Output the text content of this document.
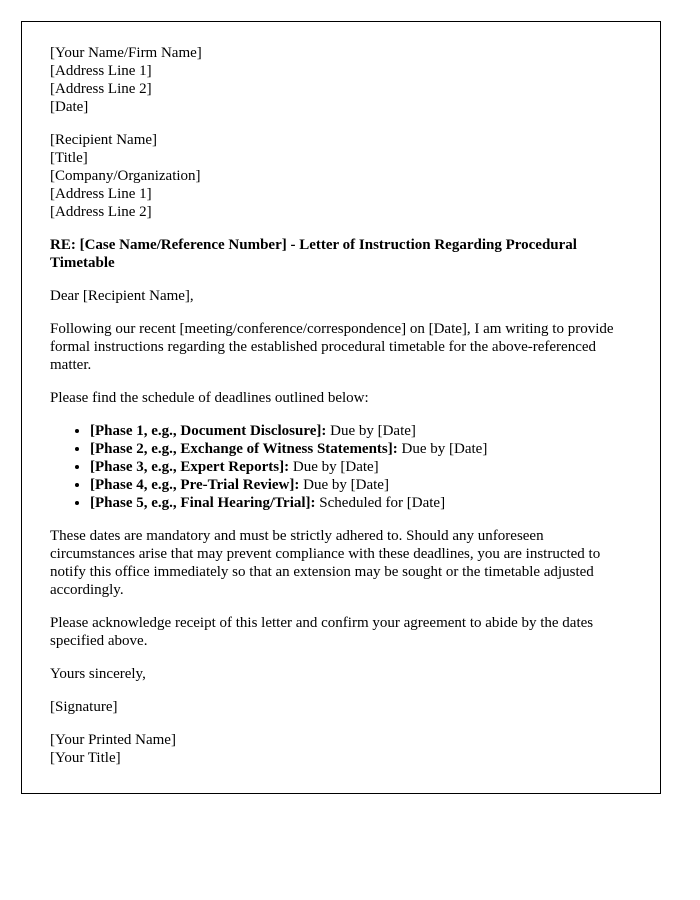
[Your Name/Firm Name]
[Address Line 1]
[Address Line 2]
[Date]
[Recipient Name]
[Title]
[Company/Organization]
[Address Line 1]
[Address Line 2]

RE: [Case Name/Reference Number] - Letter of Instruction Regarding Procedural Timetable

Dear [Recipient Name],

Following our recent [meeting/conference/correspondence] on [Date], I am writing to provide formal instructions regarding the established procedural timetable for the above-referenced matter.

Please find the schedule of deadlines outlined below:

• [Phase 1, e.g., Document Disclosure]: Due by [Date]
• [Phase 2, e.g., Exchange of Witness Statements]: Due by [Date]
• [Phase 3, e.g., Expert Reports]: Due by [Date]
• [Phase 4, e.g., Pre-Trial Review]: Due by [Date]
• [Phase 5, e.g., Final Hearing/Trial]: Scheduled for [Date]

These dates are mandatory and must be strictly adhered to. Should any unforeseen circumstances arise that may prevent compliance with these deadlines, you are instructed to notify this office immediately so that an extension may be sought or the timetable adjusted accordingly.

Please acknowledge receipt of this letter and confirm your agreement to abide by the dates specified above.

Yours sincerely,

[Signature]

[Your Printed Name]
[Your Title]
